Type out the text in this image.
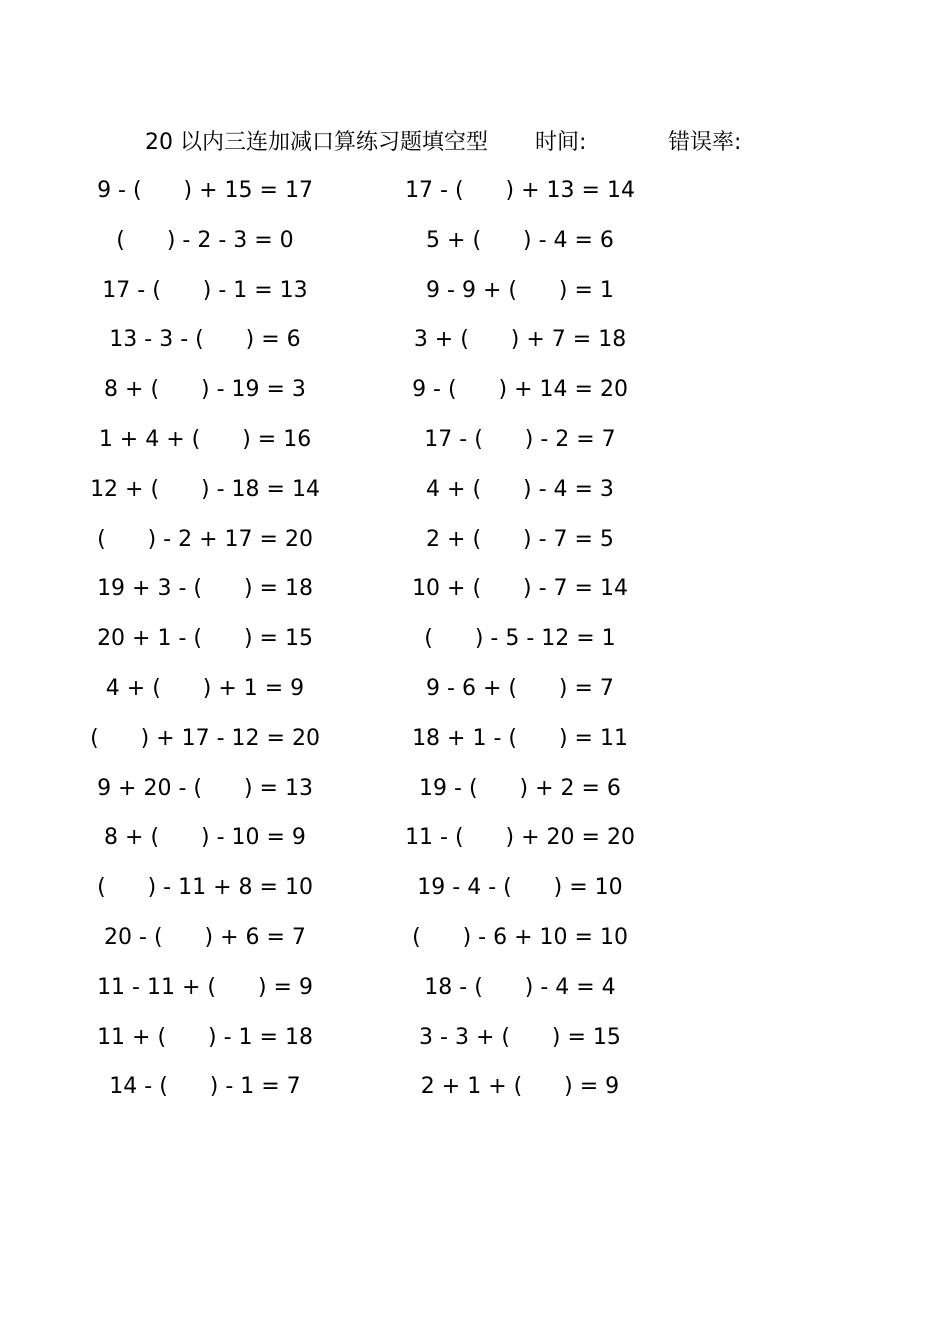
20 以内三连加减口算练习题填空型 时间:	错误率:
9 - (      ) + 15 = 17
(      ) - 2 - 3 = 0
17 - (      ) - 1 = 13
13 - 3 - (      ) = 6
8 + (      ) - 19 = 3
1 + 4 + (      ) = 16
12 + (      ) - 18 = 14
(      ) - 2 + 17 = 20
19 + 3 - (      ) = 18
20 + 1 - (      ) = 15
4 + (      ) + 1 = 9
(      ) + 17 - 12 = 20
9 + 20 - (      ) = 13
8 + (      ) - 10 = 9
(      ) - 11 + 8 = 10
20 - (      ) + 6 = 7
11 - 11 + (      ) = 9
11 + (      ) - 1 = 18
14 - (      ) - 1 = 7
17 - (      ) + 13 = 14
5 + (      ) - 4 = 6
9 - 9 + (      ) = 1
3 + (      ) + 7 = 18
9 - (      ) + 14 = 20
17 - (      ) - 2 = 7
4 + (      ) - 4 = 3
2 + (      ) - 7 = 5
10 + (      ) - 7 = 14
(      ) - 5 - 12 = 1
9 - 6 + (      ) = 7
18 + 1 - (      ) = 11
19 - (      ) + 2 = 6
11 - (      ) + 20 = 20
19 - 4 - (      ) = 10
(      ) - 6 + 10 = 10
18 - (      ) - 4 = 4
3 - 3 + (      ) = 15
2 + 1 + (      ) = 9
